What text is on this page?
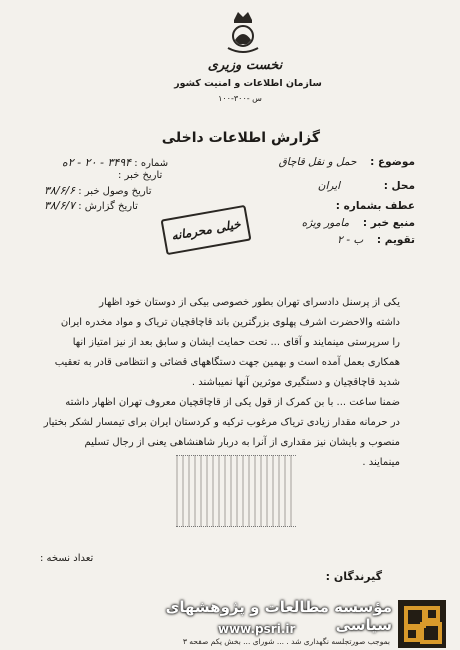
نخست وزیری
سازمان اطلاعات و امنیت کشور
س -۳۰۰-۱۰۰
گزارش اطلاعات داخلی
موضوع : حمل و نقل قاچاق
محل : ایران
عطف بشماره :
منبع خبر : مامور ویژه
تقویم : ب - ۲
شماره : ۳۴۹۴ - ۲۰ - ۲ه
تاریخ خبر :
تاریخ وصول خبر : ۳۸/۶/۶
تاریخ گزارش : ۳۸/۶/۷
خیلی محرمانه
یکی از پرسنل دادسرای تهران بطور خصوصی بیکی از دوستان خود اظهار
داشته والاحضرت اشرف پهلوی بزرگترین باند قاچاقچیان تریاک و مواد مخدره ایران
را سرپرستی مینمایند و آقای ... تحت حمایت ایشان و سابق بعد از نیز امتیاز انها
همکاری بعمل آمده است و بهمین جهت دستگاههای قضائی و انتظامی قادر به تعقیب
شدید قاچاقچیان و دستگیری موثرین آنها نمیباشند .
ضمنا ساعت ... با بن کمرک از قول یکی از قاچاقچیان معروف تهران اظهار داشته
در حرمانه مقدار زیادی تریاک مرغوب ترکیه و کردستان ایران برای تیمسار لشکر بختیار
منصوب و بایشان نیز مقداری از آنرا به دربار شاهنشاهی یعنی از رجال تسلیم
مینمایند .
تعداد نسخه :
گیرندگان :
مؤسسه مطالعات و پژوهشهای سیاسی
www.psri.ir
بموجب صورتجلسه نگهداری شد . ... شورای ... بخش یکم صفحه ۳
